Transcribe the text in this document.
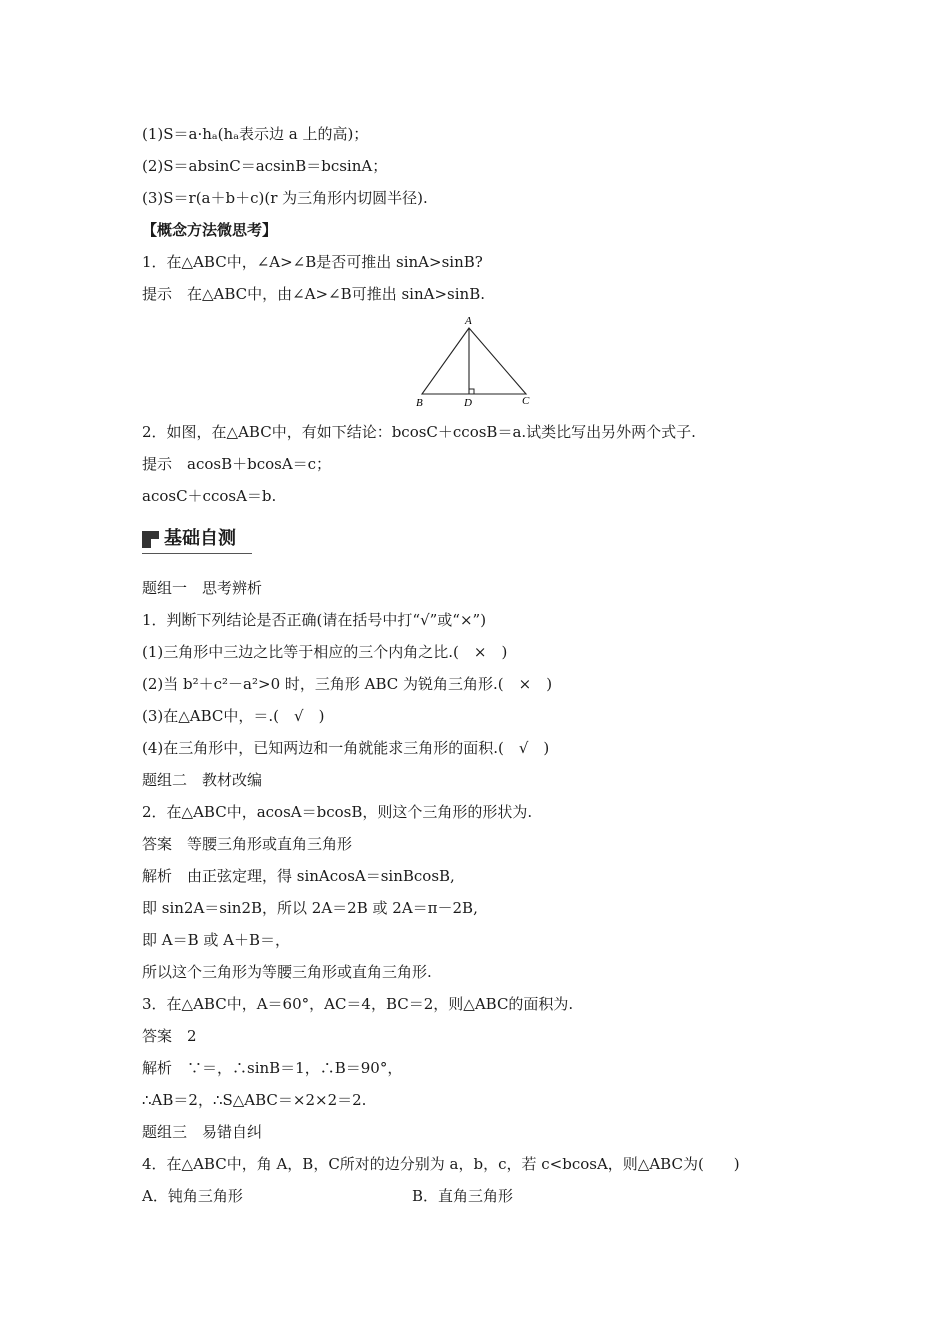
(1)S＝a·hₐ(hₐ表示边 a 上的高)；
(2)S＝absinC＝acsinB＝bcsinA；
(3)S＝r(a＋b＋c)(r 为三角形内切圆半径).
【概念方法微思考】
1．在△ABC中，∠A>∠B是否可推出 sinA>sinB?
提示　在△ABC中，由∠A>∠B可推出 sinA>sinB.
A
B	D	C
2．如图，在△ABC中，有如下结论：bcosC＋ccosB＝a.试类比写出另外两个式子.
提示　acosB＋bcosA＝c；
acosC＋ccosA＝b.
基础自测
题组一　思考辨析
1．判断下列结论是否正确(请在括号中打“√”或“×”)
(1)三角形中三边之比等于相应的三个内角之比.(　×　)
(2)当 b²＋c²－a²>0 时，三角形 ABC 为锐角三角形.(　×　)
(3)在△ABC中，＝.(　√　)
(4)在三角形中，已知两边和一角就能求三角形的面积.(　√　)
题组二　教材改编
2．在△ABC中，acosA＝bcosB，则这个三角形的形状为.
答案　等腰三角形或直角三角形
解析　由正弦定理，得 sinAcosA＝sinBcosB,
即 sin2A＝sin2B，所以 2A＝2B 或 2A＝π－2B,
即 A＝B 或 A＋B＝，
所以这个三角形为等腰三角形或直角三角形.
3．在△ABC中，A＝60°，AC＝4，BC＝2，则△ABC的面积为.
答案　2
解析　∵＝，∴sinB＝1，∴B＝90°，
∴AB＝2，∴S△ABC＝×2×2＝2.
题组三　易错自纠
4．在△ABC中，角 A，B，C所对的边分别为 a，b，c，若 c<bcosA，则△ABC为(　　)
A．钝角三角形	B．直角三角形
